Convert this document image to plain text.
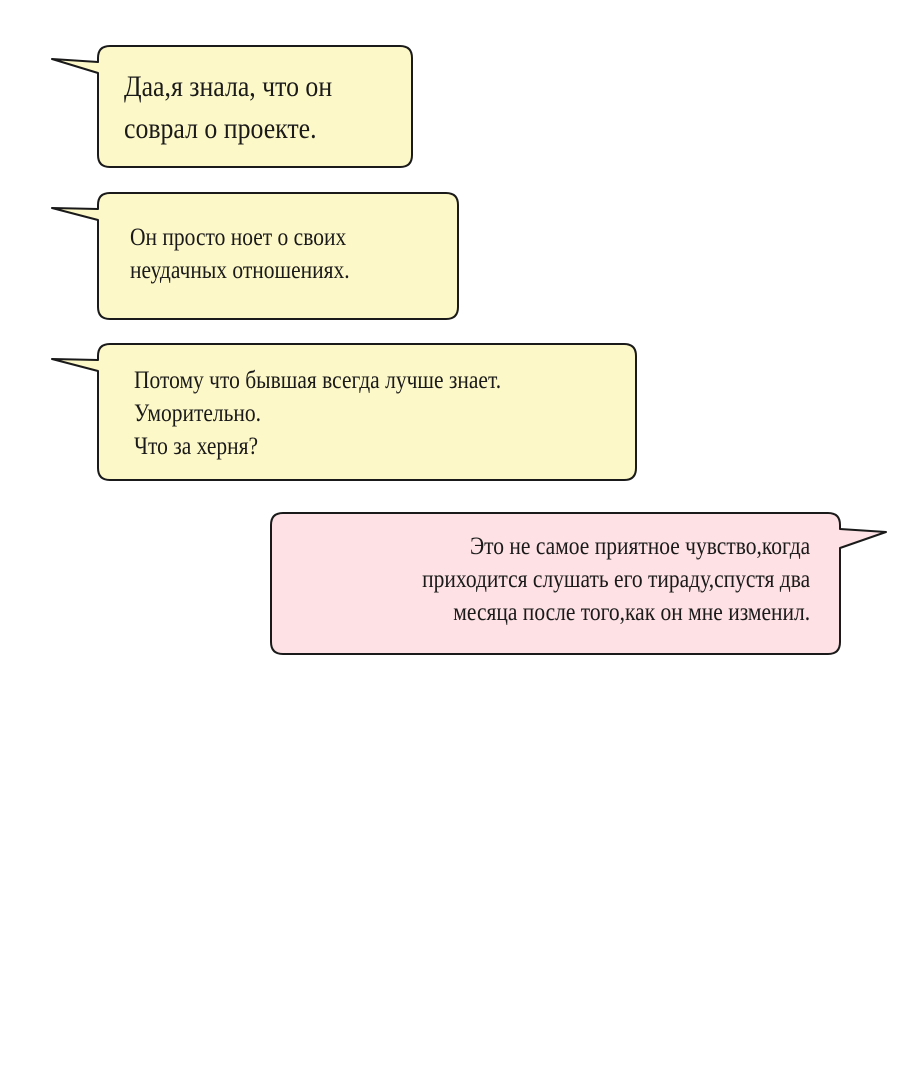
Даа,я знала, что он
соврал о проекте.
Он просто ноет о своих
неудачных отношениях.
Потому что бывшая всегда лучше знает.
Уморительно.
Что за херня?
Это не самое приятное чувство,когда
приходится слушать его тираду,спустя два
месяца после того,как он мне изменил.
